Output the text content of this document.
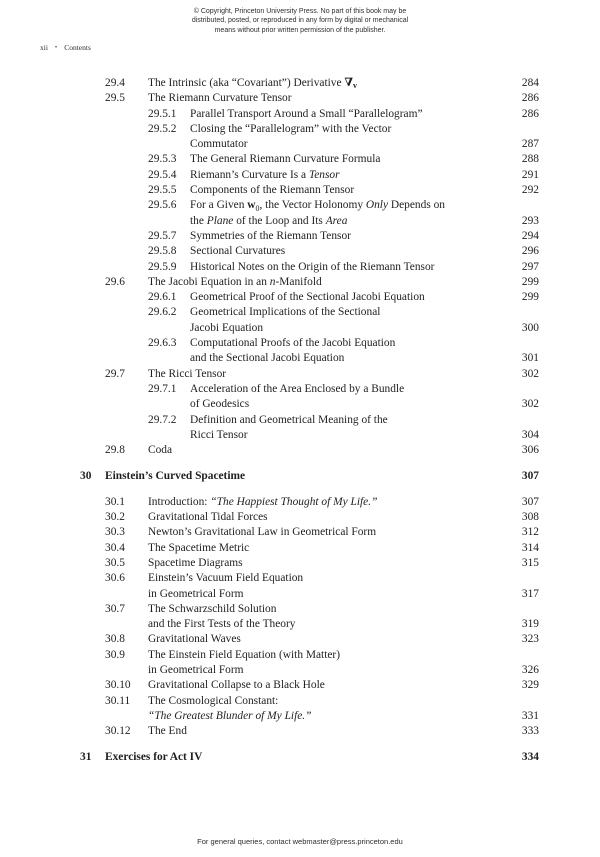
© Copyright, Princeton University Press. No part of this book may be
distributed, posted, or reproduced in any form by digital or mechanical
means without prior written permission of the publisher.
xii • Contents
29.4	The Intrinsic (aka “Covariant”) Derivative ∇v	284
29.5	The Riemann Curvature Tensor	286
29.5.1	Parallel Transport Around a Small “Parallelogram”	286
29.5.2	Closing the “Parallelogram” with the Vector
Commutator	287
29.5.3	The General Riemann Curvature Formula	288
29.5.4	Riemann’s Curvature Is a Tensor	291
29.5.5	Components of the Riemann Tensor	292
29.5.6	For a Given w0, the Vector Holonomy Only Depends on
the Plane of the Loop and Its Area	293
29.5.7	Symmetries of the Riemann Tensor	294
29.5.8	Sectional Curvatures	296
29.5.9	Historical Notes on the Origin of the Riemann Tensor	297
29.6	The Jacobi Equation in an n-Manifold	299
29.6.1	Geometrical Proof of the Sectional Jacobi Equation	299
29.6.2	Geometrical Implications of the Sectional
Jacobi Equation	300
29.6.3	Computational Proofs of the Jacobi Equation
and the Sectional Jacobi Equation	301
29.7	The Ricci Tensor	302
29.7.1	Acceleration of the Area Enclosed by a Bundle
of Geodesics	302
29.7.2	Definition and Geometrical Meaning of the
Ricci Tensor	304
29.8	Coda	306
30	Einstein’s Curved Spacetime	307
30.1	Introduction: “The Happiest Thought of My Life.”	307
30.2	Gravitational Tidal Forces	308
30.3	Newton’s Gravitational Law in Geometrical Form	312
30.4	The Spacetime Metric	314
30.5	Spacetime Diagrams	315
30.6	Einstein’s Vacuum Field Equation
in Geometrical Form	317
30.7	The Schwarzschild Solution
and the First Tests of the Theory	319
30.8	Gravitational Waves	323
30.9	The Einstein Field Equation (with Matter)
in Geometrical Form	326
30.10	Gravitational Collapse to a Black Hole	329
30.11	The Cosmological Constant:
“The Greatest Blunder of My Life.”	331
30.12	The End	333
31	Exercises for Act IV	334
For general queries, contact webmaster@press.princeton.edu
